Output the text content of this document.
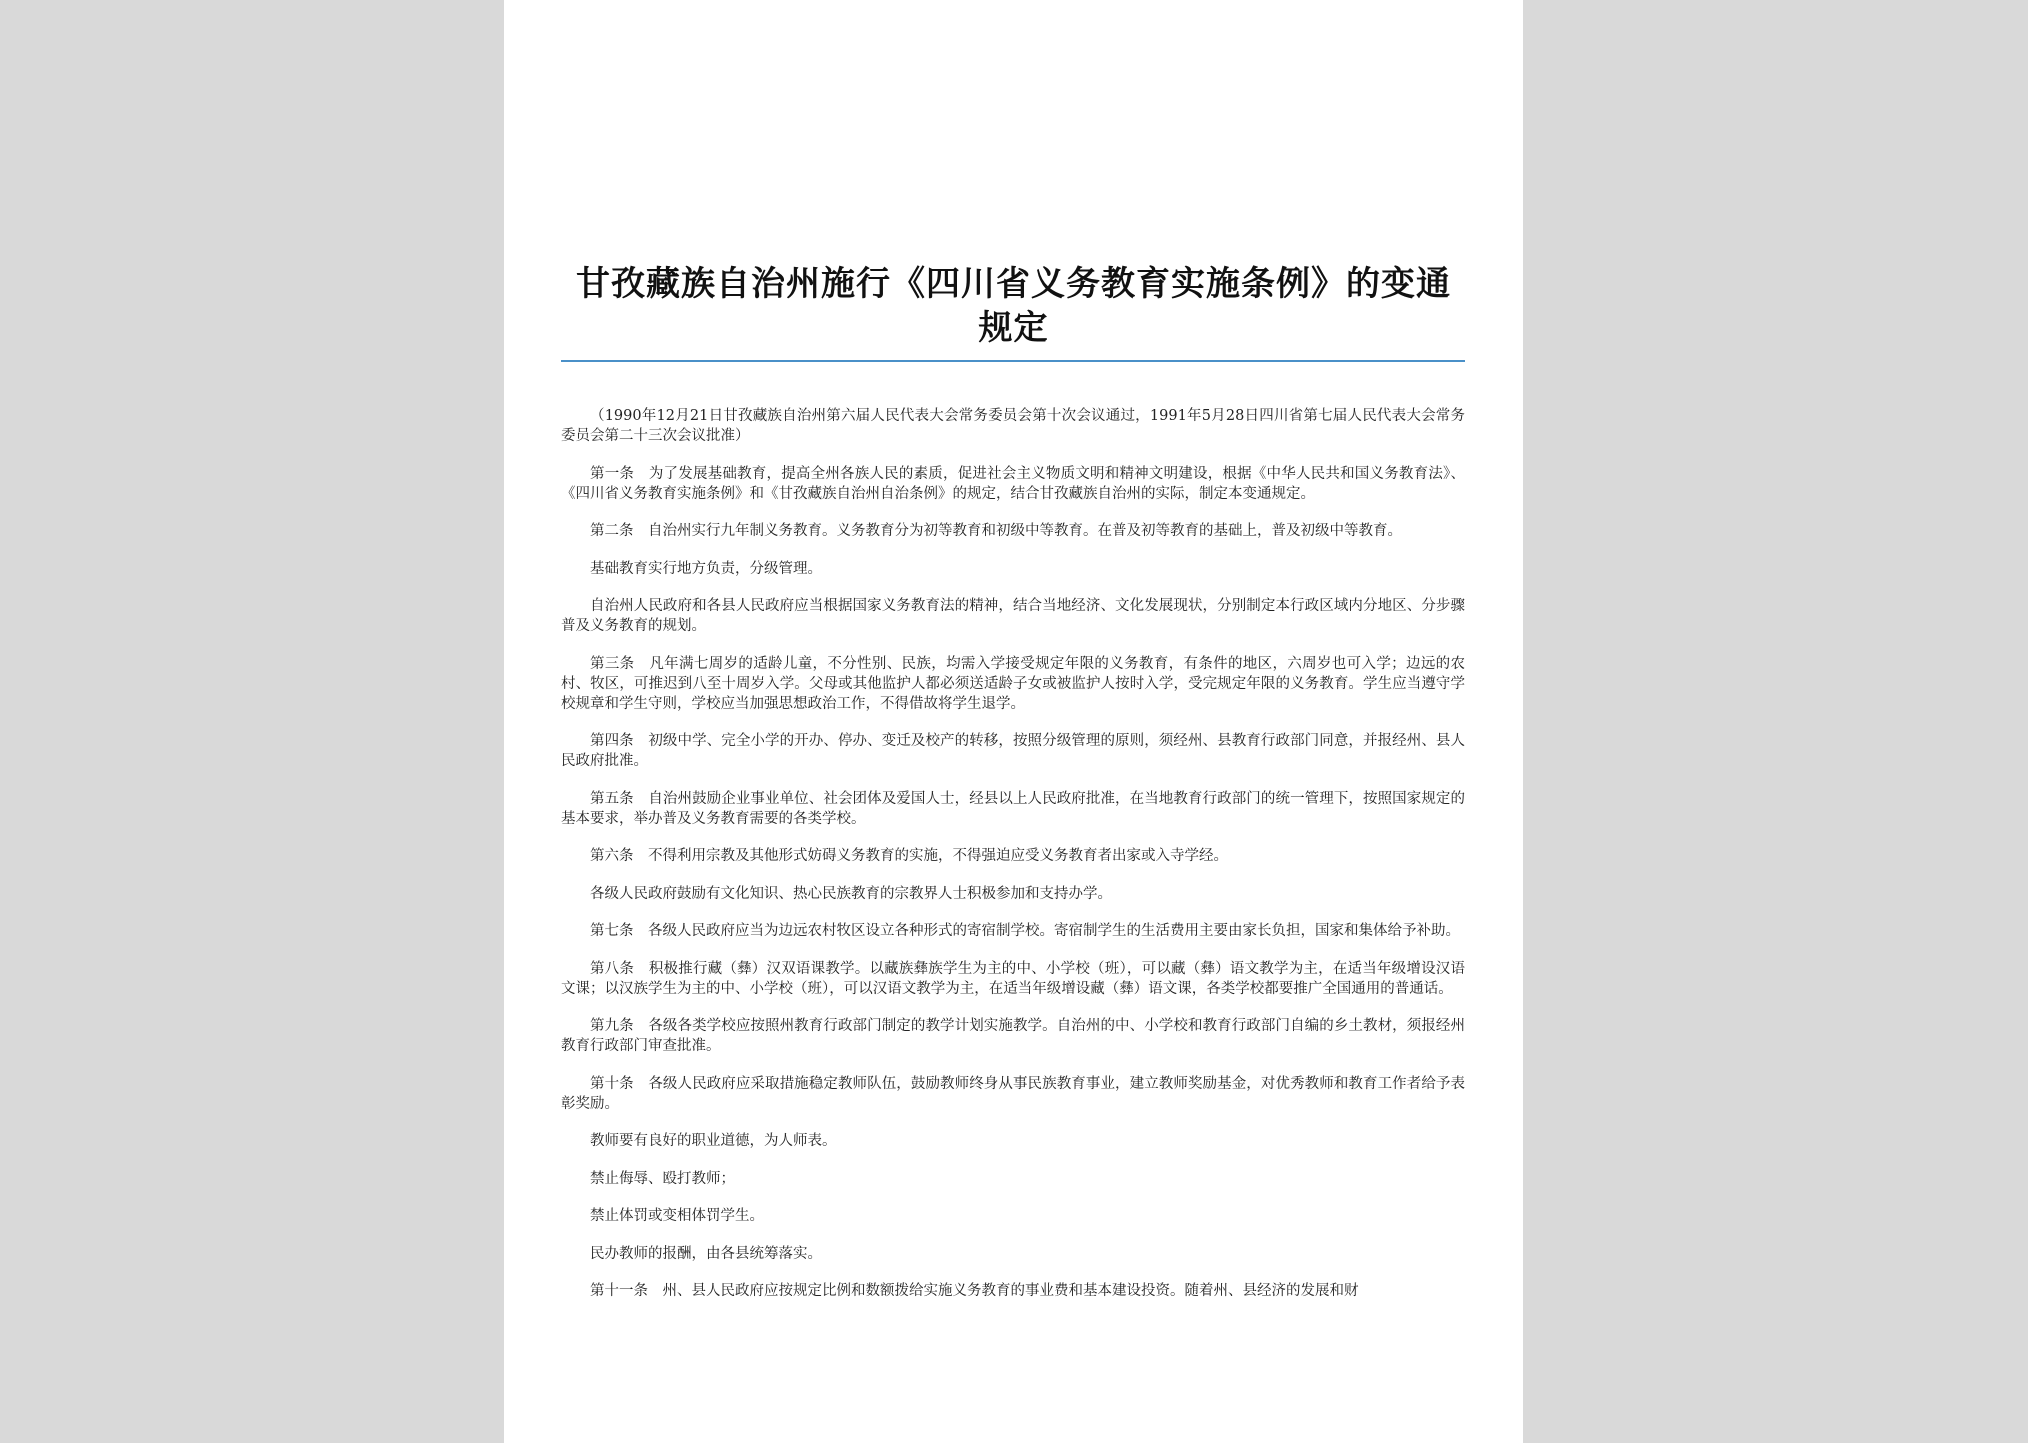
甘孜藏族自治州施行《四川省义务教育实施条例》的变通规定

（1990年12月21日甘孜藏族自治州第六届人民代表大会常务委员会第十次会议通过，1991年5月28日四川省第七届人民代表大会常务委员会第二十三次会议批准）

第一条　为了发展基础教育，提高全州各族人民的素质，促进社会主义物质文明和精神文明建设，根据《中华人民共和国义务教育法》、《四川省义务教育实施条例》和《甘孜藏族自治州自治条例》的规定，结合甘孜藏族自治州的实际，制定本变通规定。

第二条　自治州实行九年制义务教育。义务教育分为初等教育和初级中等教育。在普及初等教育的基础上，普及初级中等教育。

基础教育实行地方负责，分级管理。

自治州人民政府和各县人民政府应当根据国家义务教育法的精神，结合当地经济、文化发展现状，分别制定本行政区域内分地区、分步骤普及义务教育的规划。

第三条　凡年满七周岁的适龄儿童，不分性别、民族，均需入学接受规定年限的义务教育，有条件的地区，六周岁也可入学；边远的农村、牧区，可推迟到八至十周岁入学。父母或其他监护人都必须送适龄子女或被监护人按时入学，受完规定年限的义务教育。学生应当遵守学校规章和学生守则，学校应当加强思想政治工作，不得借故将学生退学。

第四条　初级中学、完全小学的开办、停办、变迁及校产的转移，按照分级管理的原则，须经州、县教育行政部门同意，并报经州、县人民政府批准。

第五条　自治州鼓励企业事业单位、社会团体及爱国人士，经县以上人民政府批准，在当地教育行政部门的统一管理下，按照国家规定的基本要求，举办普及义务教育需要的各类学校。

第六条　不得利用宗教及其他形式妨碍义务教育的实施，不得强迫应受义务教育者出家或入寺学经。

各级人民政府鼓励有文化知识、热心民族教育的宗教界人士积极参加和支持办学。

第七条　各级人民政府应当为边远农村牧区设立各种形式的寄宿制学校。寄宿制学生的生活费用主要由家长负担，国家和集体给予补助。

第八条　积极推行藏（彝）汉双语课教学。以藏族彝族学生为主的中、小学校（班），可以藏（彝）语文教学为主，在适当年级增设汉语文课；以汉族学生为主的中、小学校（班），可以汉语文教学为主，在适当年级增设藏（彝）语文课，各类学校都要推广全国通用的普通话。

第九条　各级各类学校应按照州教育行政部门制定的教学计划实施教学。自治州的中、小学校和教育行政部门自编的乡土教材，须报经州教育行政部门审查批准。

第十条　各级人民政府应采取措施稳定教师队伍，鼓励教师终身从事民族教育事业，建立教师奖励基金，对优秀教师和教育工作者给予表彰奖励。

教师要有良好的职业道德，为人师表。

禁止侮辱、殴打教师；

禁止体罚或变相体罚学生。

民办教师的报酬，由各县统筹落实。

第十一条　州、县人民政府应按规定比例和数额拨给实施义务教育的事业费和基本建设投资。随着州、县经济的发展和财
